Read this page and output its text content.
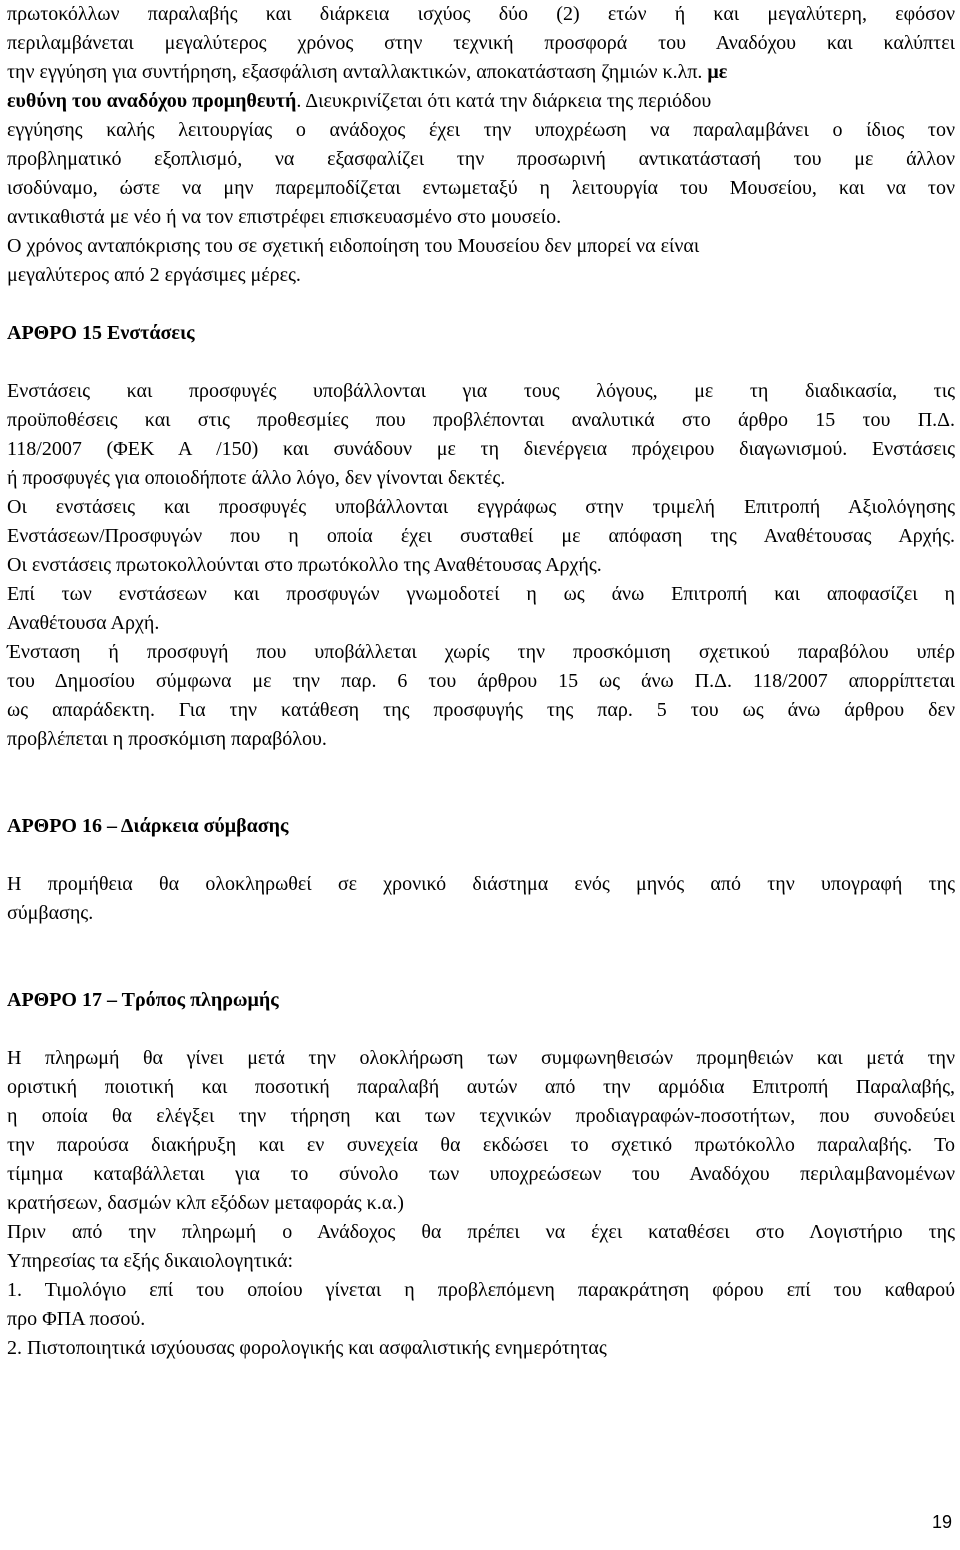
πρωτοκόλλων παραλαβής και διάρκεια ισχύος δύο (2) ετών ή και μεγαλύτερη, εφόσον
περιλαμβάνεται μεγαλύτερος χρόνος στην τεχνική προσφορά του Αναδόχου και καλύπτει
την εγγύηση για συντήρηση, εξασφάλιση ανταλλακτικών, αποκατάσταση ζημιών κ.λπ. με
ευθύνη του αναδόχου προμηθευτή. Διευκρινίζεται ότι κατά την διάρκεια της περιόδου
εγγύησης καλής λειτουργίας ο ανάδοχος έχει την υποχρέωση να παραλαμβάνει ο ίδιος τον
προβληματικό εξοπλισμό, να εξασφαλίζει την προσωρινή αντικατάστασή του με άλλον
ισοδύναμο, ώστε να μην παρεμποδίζεται εντωμεταξύ η λειτουργία του Μουσείου, και να τον
αντικαθιστά με νέο ή να τον επιστρέφει επισκευασμένο στο μουσείο.
Ο χρόνος ανταπόκρισης του σε σχετική ειδοποίηση του Μουσείου δεν μπορεί να είναι
μεγαλύτερος από 2 εργάσιμες μέρες.
ΑΡΘΡΟ 15 Ενστάσεις
Ενστάσεις και προσφυγές υποβάλλονται για τους λόγους, με τη διαδικασία, τις
προϋποθέσεις και στις προθεσμίες που προβλέπονται αναλυτικά στο άρθρο 15 του Π.Δ.
118/2007 (ΦΕΚ Α /150) και συνάδουν με τη διενέργεια πρόχειρου διαγωνισμού. Ενστάσεις
ή προσφυγές για οποιοδήποτε άλλο λόγο, δεν γίνονται δεκτές.
Οι ενστάσεις και προσφυγές υποβάλλονται εγγράφως στην τριμελή Επιτροπή Αξιολόγησης
Ενστάσεων/Προσφυγών που η οποία έχει συσταθεί με απόφαση της Αναθέτουσας Αρχής.
Οι ενστάσεις πρωτοκολλούνται στο πρωτόκολλο της Αναθέτουσας Αρχής.
Επί των ενστάσεων και προσφυγών γνωμοδοτεί η ως άνω Επιτροπή και αποφασίζει η
Αναθέτουσα Αρχή.
Ένσταση ή προσφυγή που υποβάλλεται χωρίς την προσκόμιση σχετικού παραβόλου υπέρ
του Δημοσίου σύμφωνα με την παρ. 6 του άρθρου 15 ως άνω Π.Δ. 118/2007 απορρίπτεται
ως απαράδεκτη. Για την κατάθεση της προσφυγής της παρ. 5 του ως άνω άρθρου δεν
προβλέπεται η προσκόμιση παραβόλου.
ΑΡΘΡΟ 16 – Διάρκεια σύμβασης
Η προμήθεια θα ολοκληρωθεί σε χρονικό διάστημα ενός μηνός από την υπογραφή της
σύμβασης.
ΑΡΘΡΟ 17 – Τρόπος πληρωμής
Η πληρωμή θα γίνει μετά την ολοκλήρωση των συμφωνηθεισών προμηθειών και μετά την
οριστική ποιοτική και ποσοτική παραλαβή αυτών από την αρμόδια Επιτροπή Παραλαβής,
η οποία θα ελέγξει την τήρηση και των τεχνικών προδιαγραφών-ποσοτήτων, που συνοδεύει
την παρούσα διακήρυξη και εν συνεχεία θα εκδώσει το σχετικό πρωτόκολλο παραλαβής. Το
τίμημα καταβάλλεται για το σύνολο των υποχρεώσεων του Αναδόχου περιλαμβανομένων
κρατήσεων, δασμών κλπ εξόδων μεταφοράς κ.α.)
Πριν από την πληρωμή ο Ανάδοχος θα πρέπει να έχει καταθέσει στο Λογιστήριο της
Υπηρεσίας τα εξής δικαιολογητικά:
1. Τιμολόγιο επί του οποίου γίνεται η προβλεπόμενη παρακράτηση φόρου επί του καθαρού
προ ΦΠΑ ποσού.
2. Πιστοποιητικά ισχύουσας φορολογικής και ασφαλιστικής ενημερότητας
19
